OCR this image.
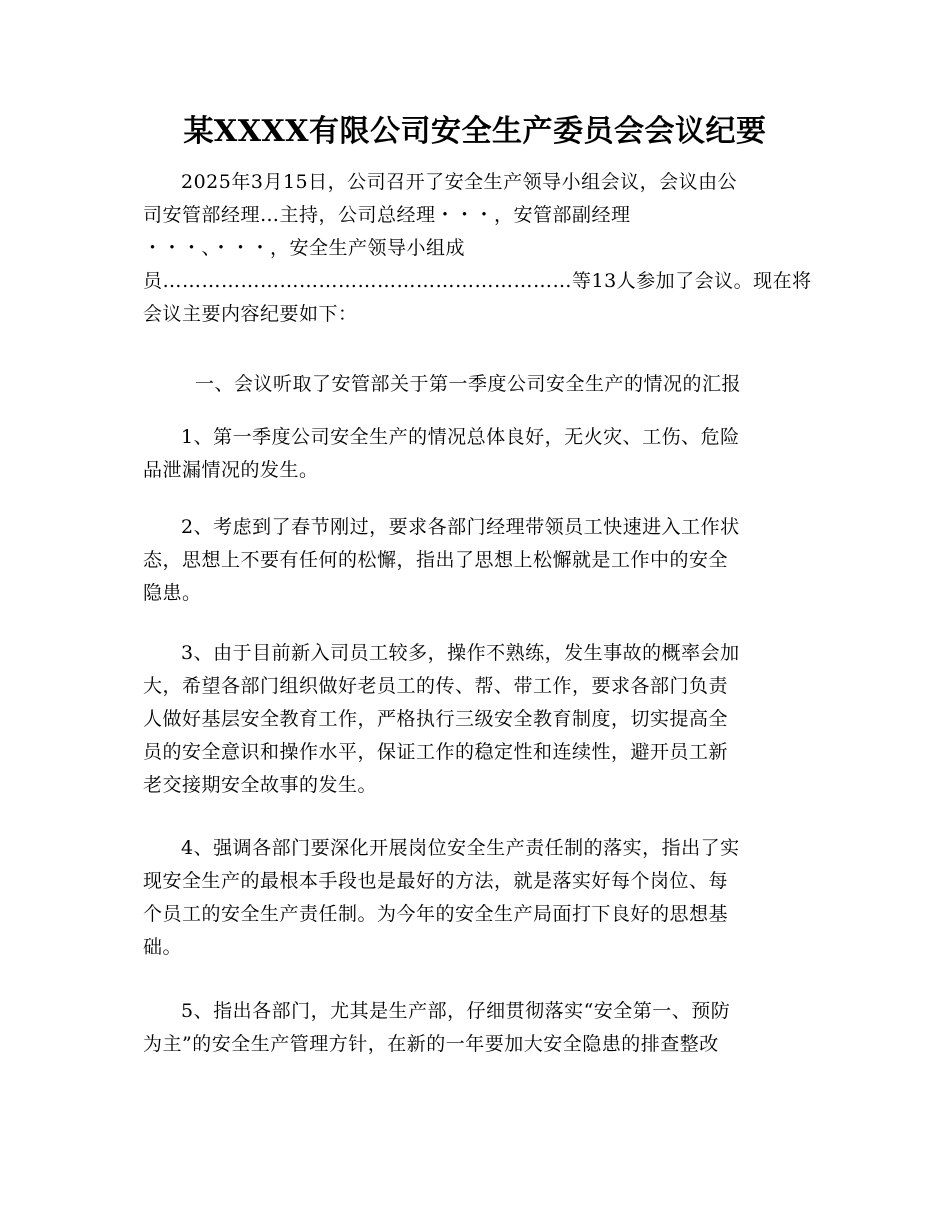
某XXXX有限公司安全生产委员会会议纪要
2025年3月15日，公司召开了安全生产领导小组会议，会议由公
司安管部经理…主持，公司总经理・・・，安管部副经理
・・・、・・・，安全生产领导小组成
员………………………………………………………等13人参加了会议。现在将
会议主要内容纪要如下：
一、会议听取了安管部关于第一季度公司安全生产的情况的汇报
1、第一季度公司安全生产的情况总体良好，无火灾、工伤、危险
品泄漏情况的发生。
2、考虑到了春节刚过，要求各部门经理带领员工快速进入工作状
态，思想上不要有任何的松懈，指出了思想上松懈就是工作中的安全
隐患。
3、由于目前新入司员工较多，操作不熟练，发生事故的概率会加
大，希望各部门组织做好老员工的传、帮、带工作，要求各部门负责
人做好基层安全教育工作，严格执行三级安全教育制度，切实提高全
员的安全意识和操作水平，保证工作的稳定性和连续性，避开员工新
老交接期安全故事的发生。
4、强调各部门要深化开展岗位安全生产责任制的落实，指出了实
现安全生产的最根本手段也是最好的方法，就是落实好每个岗位、每
个员工的安全生产责任制。为今年的安全生产局面打下良好的思想基
础。
5、指出各部门，尤其是生产部，仔细贯彻落实“安全第一、预防
为主”的安全生产管理方针，在新的一年要加大安全隐患的排查整改
